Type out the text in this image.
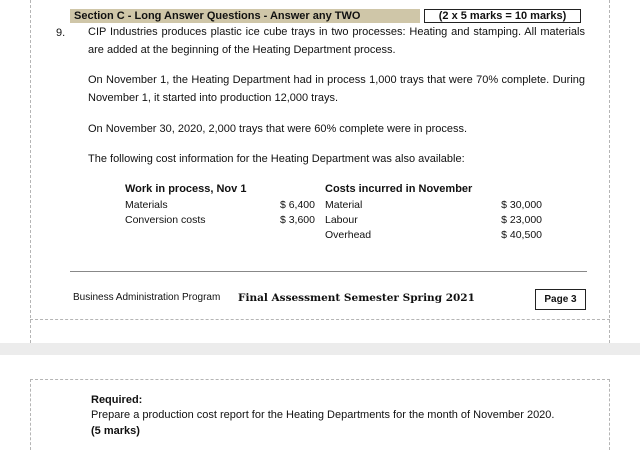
Section C - Long Answer Questions - Answer any TWO	(2 x 5 marks = 10 marks)
9. CIP Industries produces plastic ice cube trays in two processes: Heating and stamping. All materials are added at the beginning of the Heating Department process.

On November 1, the Heating Department had in process 1,000 trays that were 70% complete. During November 1, it started into production 12,000 trays.

On November 30, 2020, 2,000 trays that were 60% complete were in process.

The following cost information for the Heating Department was also available:

Work in process, Nov 1
Materials	$ 6,400
Conversion costs	$ 3,600
Costs incurred in November
Material	$ 30,000
Labour	$ 23,000
Overhead	$ 40,500
Business Administration Program Final Assessment Semester Spring 2021	Page 3
Required:
Prepare a production cost report for the Heating Departments for the month of November 2020.
(5 marks)
